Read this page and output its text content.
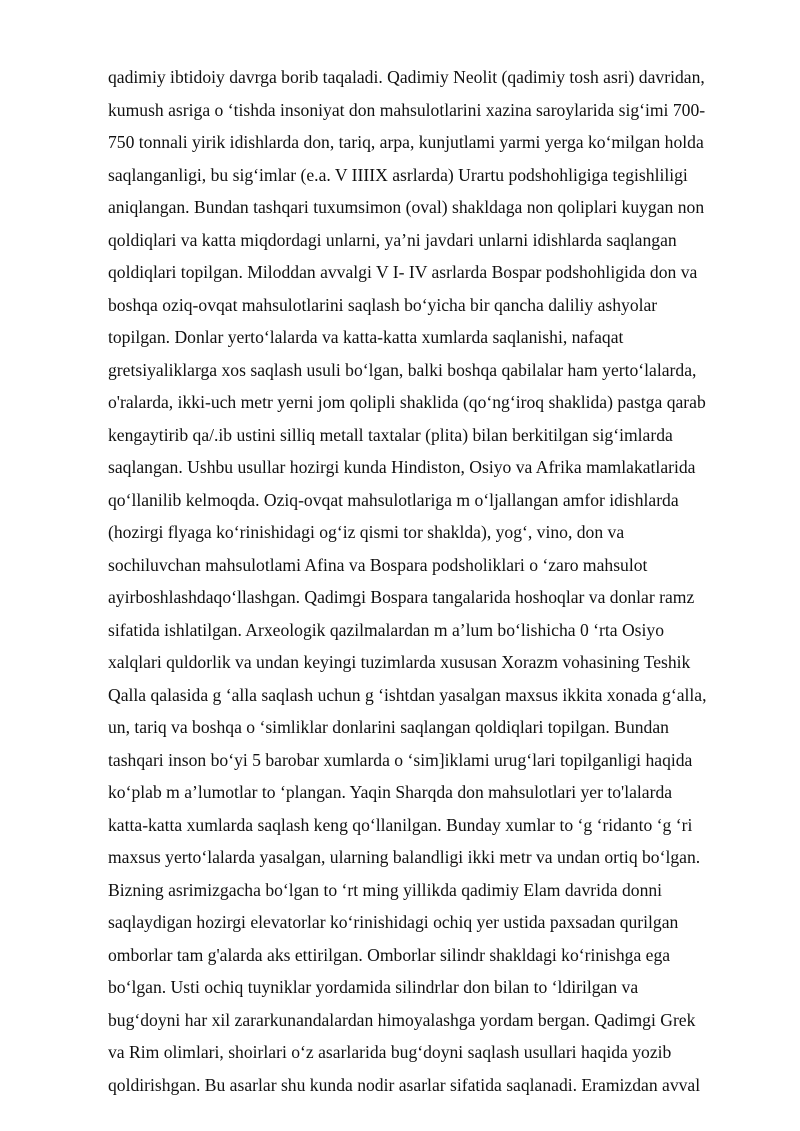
qadimiy ibtidoiy davrga borib taqaladi. Qadimiy Neolit (qadimiy tosh asri) davridan,
kumush asriga o ‘tishda insoniyat don mahsulotlarini xazina saroylarida sig‘imi 700-
750 tonnali yirik idishlarda don, tariq, arpa, kunjutlami yarmi yerga ko‘milgan holda
saqlanganligi, bu sig‘imlar (e.a. V IIIIX asrlarda) Urartu podshohligiga tegishliligi
aniqlangan. Bundan tashqari tuxumsimon (oval) shakldaga non qoliplari kuygan non
qoldiqlari va katta miqdordagi unlarni, ya’ni javdari unlarni idishlarda saqlangan
qoldiqlari topilgan. Miloddan avvalgi V I- IV asrlarda Bospar podshohligida don va
boshqa oziq-ovqat mahsulotlarini saqlash bo‘yicha bir qancha daliliy ashyolar
topilgan. Donlar yerto‘lalarda va katta-katta xumlarda saqlanishi, nafaqat
gretsiyaliklarga xos saqlash usuli bo‘lgan, balki boshqa qabilalar ham yerto‘lalarda,
o'ralarda, ikki-uch metr yerni jom qolipli shaklida (qo‘ng‘iroq shaklida) pastga qarab
kengaytirib qa/.ib ustini silliq metall taxtalar (plita) bilan berkitilgan sig‘imlarda
saqlangan. Ushbu usullar hozirgi kunda Hindiston, Osiyo va Afrika mamlakatlarida
qo‘llanilib kelmoqda. Oziq-ovqat mahsulotlariga m o‘ljallangan amfor idishlarda
(hozirgi flyaga ko‘rinishidagi og‘iz qismi tor shaklda), yog‘, vino, don va
sochiluvchan mahsulotlami Afina va Bospara podsholiklari o ‘zaro mahsulot
ayirboshlashdaqo‘llashgan. Qadimgi Bospara tangalarida hoshoqlar va donlar ramz
sifatida ishlatilgan. Arxeologik qazilmalardan m a’lum bo‘lishicha 0 ‘rta Osiyo
xalqlari quldorlik va undan keyingi tuzimlarda xususan Xorazm vohasining Teshik
Qalla qalasida g ‘alla saqlash uchun g ‘ishtdan yasalgan maxsus ikkita xonada g‘alla,
un, tariq va boshqa o ‘simliklar donlarini saqlangan qoldiqlari topilgan. Bundan
tashqari inson bo‘yi 5 barobar xumlarda o ‘sim]iklami urug‘lari topilganligi haqida
ko‘plab m a’lumotlar to ‘plangan. Yaqin Sharqda don mahsulotlari yer to'lalarda
katta-katta xumlarda saqlash keng qo‘llanilgan. Bunday xumlar to ‘g ‘ridanto ‘g ‘ri
maxsus yerto‘lalarda yasalgan, ularning balandligi ikki metr va undan ortiq bo‘lgan.
Bizning asrimizgacha bo‘lgan to ‘rt ming yillikda qadimiy Elam davrida donni
saqlaydigan hozirgi elevatorlar ko‘rinishidagi ochiq yer ustida paxsadan qurilgan
omborlar tam g'alarda aks ettirilgan. Omborlar silindr shakldagi ko‘rinishga ega
bo‘lgan. Usti ochiq tuyniklar yordamida silindrlar don bilan to ‘ldirilgan va
bug‘doyni har xil zararkunandalardan himoyalashga yordam bergan. Qadimgi Grek
va Rim olimlari, shoirlari o‘z asarlarida bug‘doyni saqlash usullari haqida yozib
qoldirishgan. Bu asarlar shu kunda nodir asarlar sifatida saqlanadi. Eramizdan avval
